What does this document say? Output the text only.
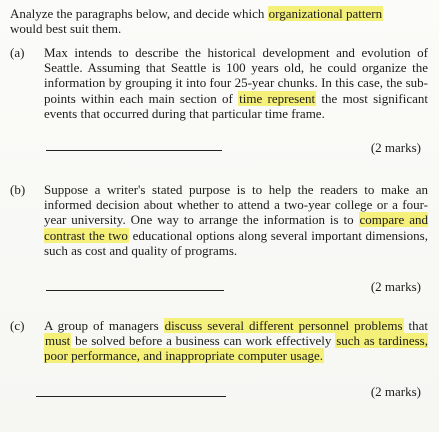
Analyze the paragraphs below, and decide which organizational pattern would best suit them.
(a) Max intends to describe the historical development and evolution of Seattle. Assuming that Seattle is 100 years old, he could organize the information by grouping it into four 25-year chunks. In this case, the sub-points within each main section of time represent the most significant events that occurred during that particular time frame.
(2 marks)
(b) Suppose a writer's stated purpose is to help the readers to make an informed decision about whether to attend a two-year college or a four-year university. One way to arrange the information is to compare and contrast the two educational options along several important dimensions, such as cost and quality of programs.
(2 marks)
(c) A group of managers discuss several different personnel problems that must be solved before a business can work effectively such as tardiness, poor performance, and inappropriate computer usage.
(2 marks)
